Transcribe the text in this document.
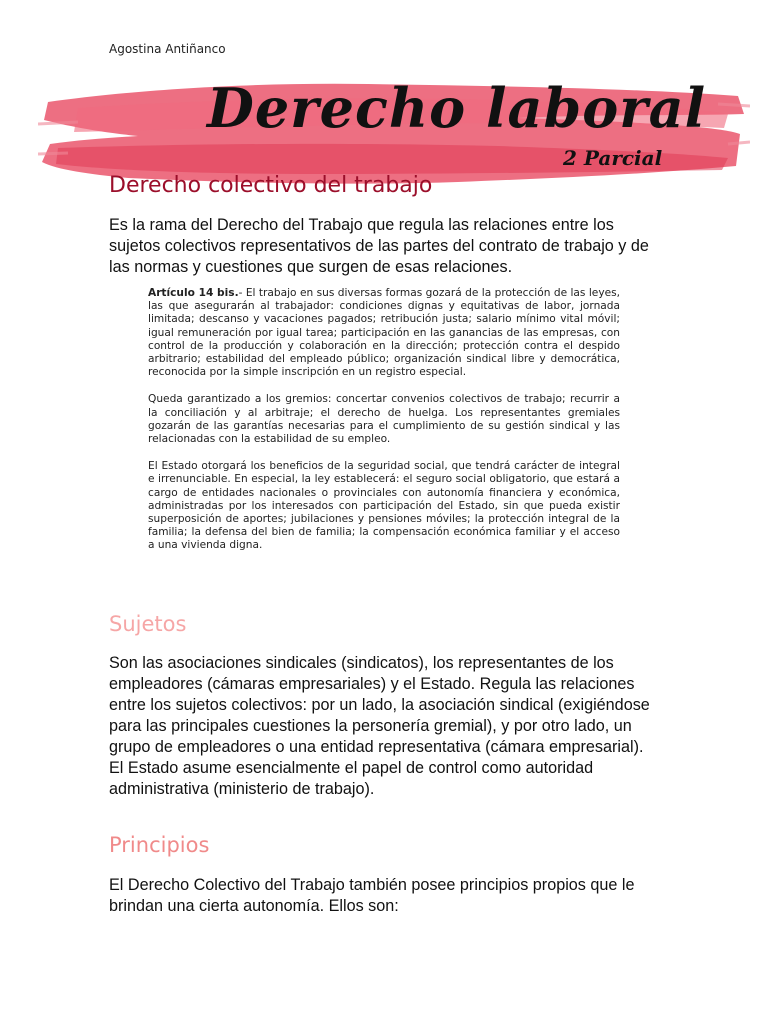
Agostina Antiñanco
Derecho laboral
2 Parcial
Derecho colectivo del trabajo

Es la rama del Derecho del Trabajo que regula las relaciones entre los sujetos colectivos representativos de las partes del contrato de trabajo y de las normas y cuestiones que surgen de esas relaciones.

Artículo 14 bis.- El trabajo en sus diversas formas gozará de la protección de las leyes, las que asegurarán al trabajador: condiciones dignas y equitativas de labor, jornada limitada; descanso y vacaciones pagados; retribución justa; salario mínimo vital móvil; igual remuneración por igual tarea; participación en las ganancias de las empresas, con control de la producción y colaboración en la dirección; protección contra el despido arbitrario; estabilidad del empleado público; organización sindical libre y democrática, reconocida por la simple inscripción en un registro especial.

Queda garantizado a los gremios: concertar convenios colectivos de trabajo; recurrir a la conciliación y al arbitraje; el derecho de huelga. Los representantes gremiales gozarán de las garantías necesarias para el cumplimiento de su gestión sindical y las relacionadas con la estabilidad de su empleo.

El Estado otorgará los beneficios de la seguridad social, que tendrá carácter de integral e irrenunciable. En especial, la ley establecerá: el seguro social obligatorio, que estará a cargo de entidades nacionales o provinciales con autonomía financiera y económica, administradas por los interesados con participación del Estado, sin que pueda existir superposición de aportes; jubilaciones y pensiones móviles; la protección integral de la familia; la defensa del bien de familia; la compensación económica familiar y el acceso a una vivienda digna.

Sujetos

Son las asociaciones sindicales (sindicatos), los representantes de los empleadores (cámaras empresariales) y el Estado. Regula las relaciones entre los sujetos colectivos: por un lado, la asociación sindical (exigiéndose para las principales cuestiones la personería gremial), y por otro lado, un grupo de empleadores o una entidad representativa (cámara empresarial). El Estado asume esencialmente el papel de control como autoridad administrativa (ministerio de trabajo).

Principios

El Derecho Colectivo del Trabajo también posee principios propios que le brindan una cierta autonomía. Ellos son:
